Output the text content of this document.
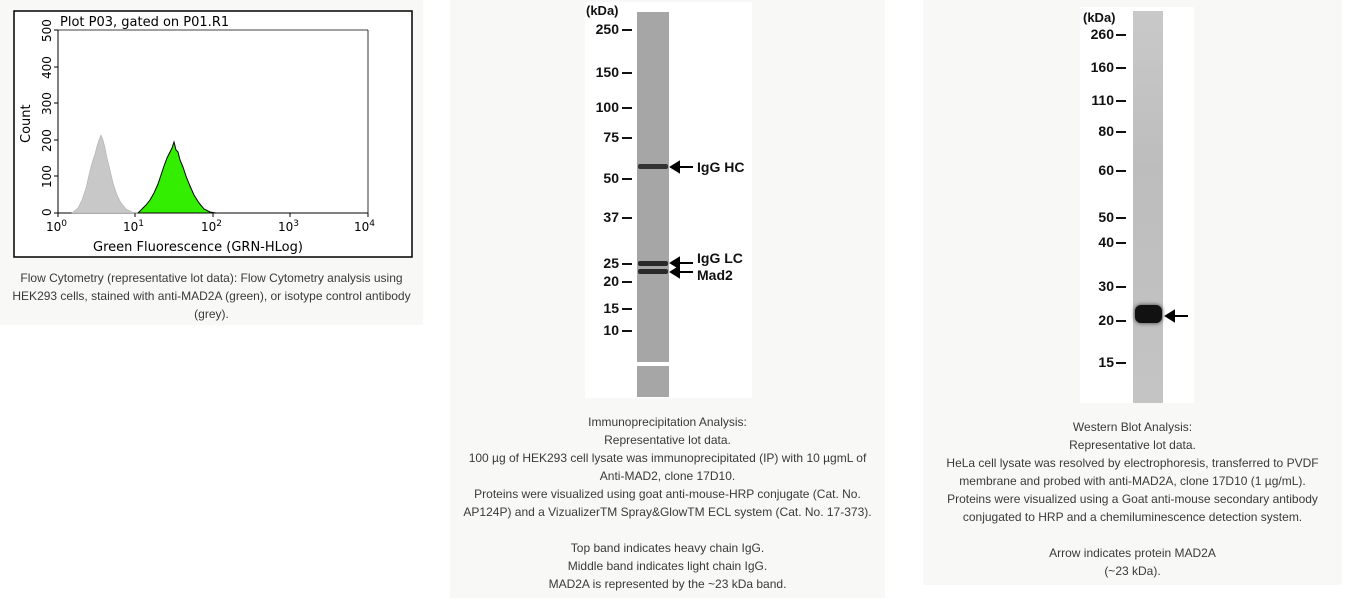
Plot P03, gated on P01.R1
0
100
200
300
400
500
Count
$10^0$	$10^1$	$10^2$	$10^3$	$10^4$
Green Fluorescence (GRN-HLog)
Flow Cytometry (representative lot data): Flow Cytometry analysis using
HEK293 cells, stained with anti-MAD2A (green), or isotype control antibody
(grey).
(kDa)
250
150
100
75
50
37
25
20
15
10
IgG HC
IgG LC
Mad2
Immunoprecipitation Analysis:
Representative lot data.
100 µg of HEK293 cell lysate was immunoprecipitated (IP) with 10 µgmL of
Anti-MAD2, clone 17D10.
Proteins were visualized using goat anti-mouse-HRP conjugate (Cat. No.
AP124P) and a VizualizerTM Spray&GlowTM ECL system (Cat. No. 17-373).
Top band indicates heavy chain IgG.
Middle band indicates light chain IgG.
MAD2A is represented by the ~23 kDa band.
(kDa)
260
160
110
80
60
50
40
30
20
15
Western Blot Analysis:
Representative lot data.
HeLa cell lysate was resolved by electrophoresis, transferred to PVDF
membrane and probed with anti-MAD2A, clone 17D10 (1 µg/mL).
Proteins were visualized using a Goat anti-mouse secondary antibody
conjugated to HRP and a chemiluminescence detection system.
Arrow indicates protein MAD2A
(~23 kDa).
